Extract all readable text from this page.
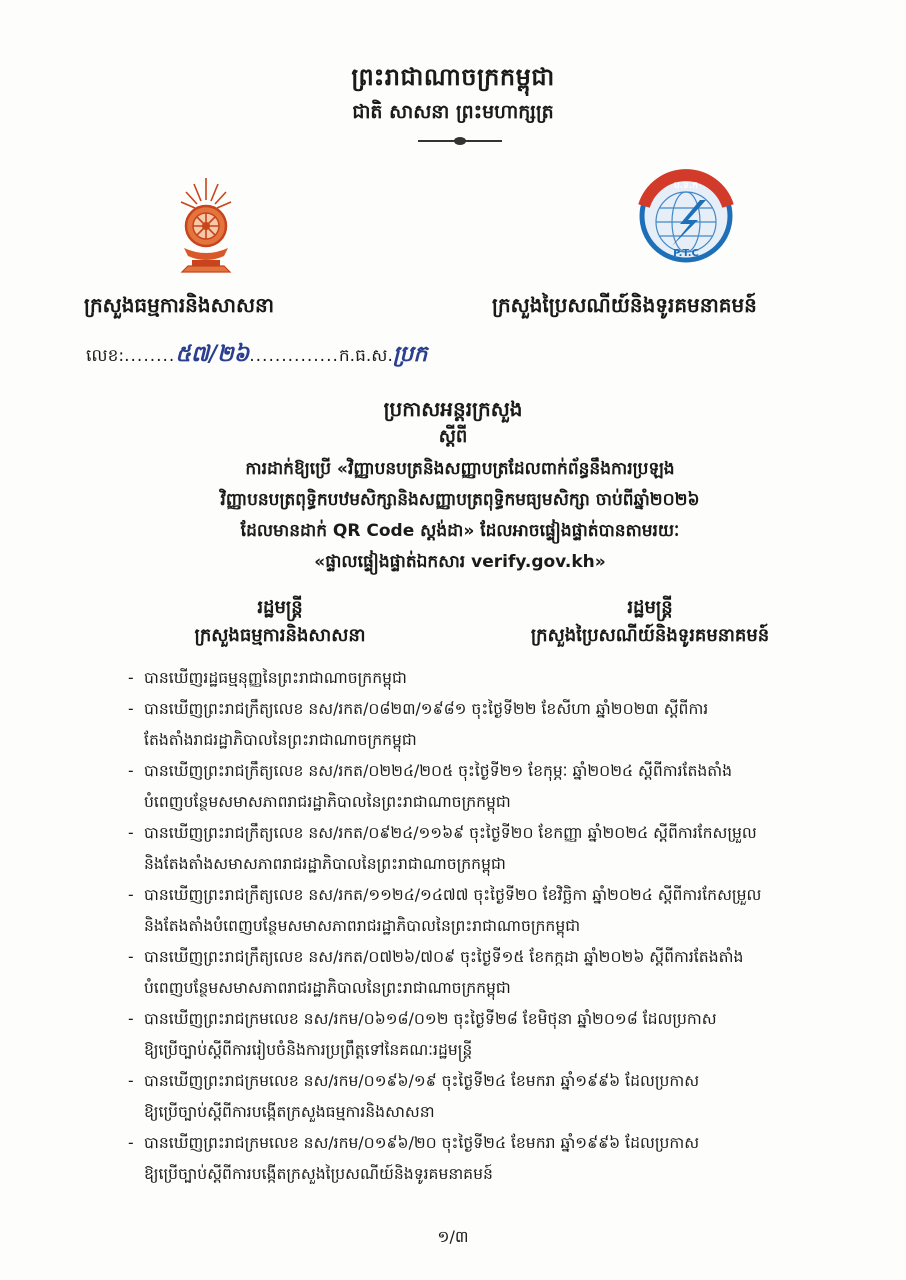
ព្រះរាជាណាចក្រកម្ពុជា
ជាតិ សាសនា ព្រះមហាក្សត្រ
ប.ទ.ក
P.T.C
ក្រសួងធម្មការនិងសាសនា	ក្រសួងប្រៃសណីយ៍និងទូរគមនាគមន៍
លេខ:........៥៧/២៦..............ក.ធ.ស.ប្រក
ប្រកាសអន្តរក្រសួង
ស្តីពី
ការដាក់ឱ្យប្រើ «វិញ្ញាបនបត្រនិងសញ្ញាបត្រដែលពាក់ព័ន្ធនឹងការប្រឡង
វិញ្ញាបនបត្រពុទ្ធិកបឋមសិក្សានិងសញ្ញាបត្រពុទ្ធិកមធ្យមសិក្សា ចាប់ពីឆ្នាំ២០២៦
ដែលមានដាក់ QR Code ស្តង់ដា» ដែលអាចផ្ទៀងផ្ទាត់បានតាមរយៈ
«ផ្ទាលផ្ទៀងផ្ទាត់ឯកសារ verify.gov.kh»
រដ្ឋមន្ត្រី
ក្រសួងធម្មការនិងសាសនា
រដ្ឋមន្ត្រី
ក្រសួងប្រៃសណីយ៍និងទូរគមនាគមន៍
- បានឃើញរដ្ឋធម្មនុញ្ញនៃព្រះរាជាណាចក្រកម្ពុជា
- បានឃើញព្រះរាជក្រឹត្យលេខ នស/រកត/០៨២៣/១៩៨១ ចុះថ្ងៃទី២២ ខែសីហា ឆ្នាំ២០២៣ ស្តីពីការ
តែងតាំងរាជរដ្ឋាភិបាលនៃព្រះរាជាណាចក្រកម្ពុជា
- បានឃើញព្រះរាជក្រឹត្យលេខ នស/រកត/០២២៤/២០៥ ចុះថ្ងៃទី២១ ខែកុម្ភៈ ឆ្នាំ២០២៤ ស្តីពីការតែងតាំង
បំពេញបន្ថែមសមាសភាពរាជរដ្ឋាភិបាលនៃព្រះរាជាណាចក្រកម្ពុជា
- បានឃើញព្រះរាជក្រឹត្យលេខ នស/រកត/០៩២៤/១១៦៩ ចុះថ្ងៃទី២០ ខែកញ្ញា ឆ្នាំ២០២៤ ស្តីពីការកែសម្រួល
និងតែងតាំងសមាសភាពរាជរដ្ឋាភិបាលនៃព្រះរាជាណាចក្រកម្ពុជា
- បានឃើញព្រះរាជក្រឹត្យលេខ នស/រកត/១១២៤/១៤៧៧ ចុះថ្ងៃទី២០ ខែវិច្ឆិកា ឆ្នាំ២០២៤ ស្តីពីការកែសម្រួល
និងតែងតាំងបំពេញបន្ថែមសមាសភាពរាជរដ្ឋាភិបាលនៃព្រះរាជាណាចក្រកម្ពុជា
- បានឃើញព្រះរាជក្រឹត្យលេខ នស/រកត/០៧២៦/៧០៩ ចុះថ្ងៃទី១៥ ខែកក្កដា ឆ្នាំ២០២៦ ស្តីពីការតែងតាំង
បំពេញបន្ថែមសមាសភាពរាជរដ្ឋាភិបាលនៃព្រះរាជាណាចក្រកម្ពុជា
- បានឃើញព្រះរាជក្រមលេខ នស/រកម/០៦១៨/០១២ ចុះថ្ងៃទី២៨ ខែមិថុនា ឆ្នាំ២០១៨ ដែលប្រកាស
ឱ្យប្រើច្បាប់ស្តីពីការរៀបចំនិងការប្រព្រឹត្តទៅនៃគណៈរដ្ឋមន្ត្រី
- បានឃើញព្រះរាជក្រមលេខ នស/រកម/០១៩៦/១៩ ចុះថ្ងៃទី២៤ ខែមករា ឆ្នាំ១៩៩៦ ដែលប្រកាស
ឱ្យប្រើច្បាប់ស្តីពីការបង្កើតក្រសួងធម្មការនិងសាសនា
- បានឃើញព្រះរាជក្រមលេខ នស/រកម/០១៩៦/២០ ចុះថ្ងៃទី២៤ ខែមករា ឆ្នាំ១៩៩៦ ដែលប្រកាស
ឱ្យប្រើច្បាប់ស្តីពីការបង្កើតក្រសួងប្រៃសណីយ៍និងទូរគមនាគមន៍
១/៣
